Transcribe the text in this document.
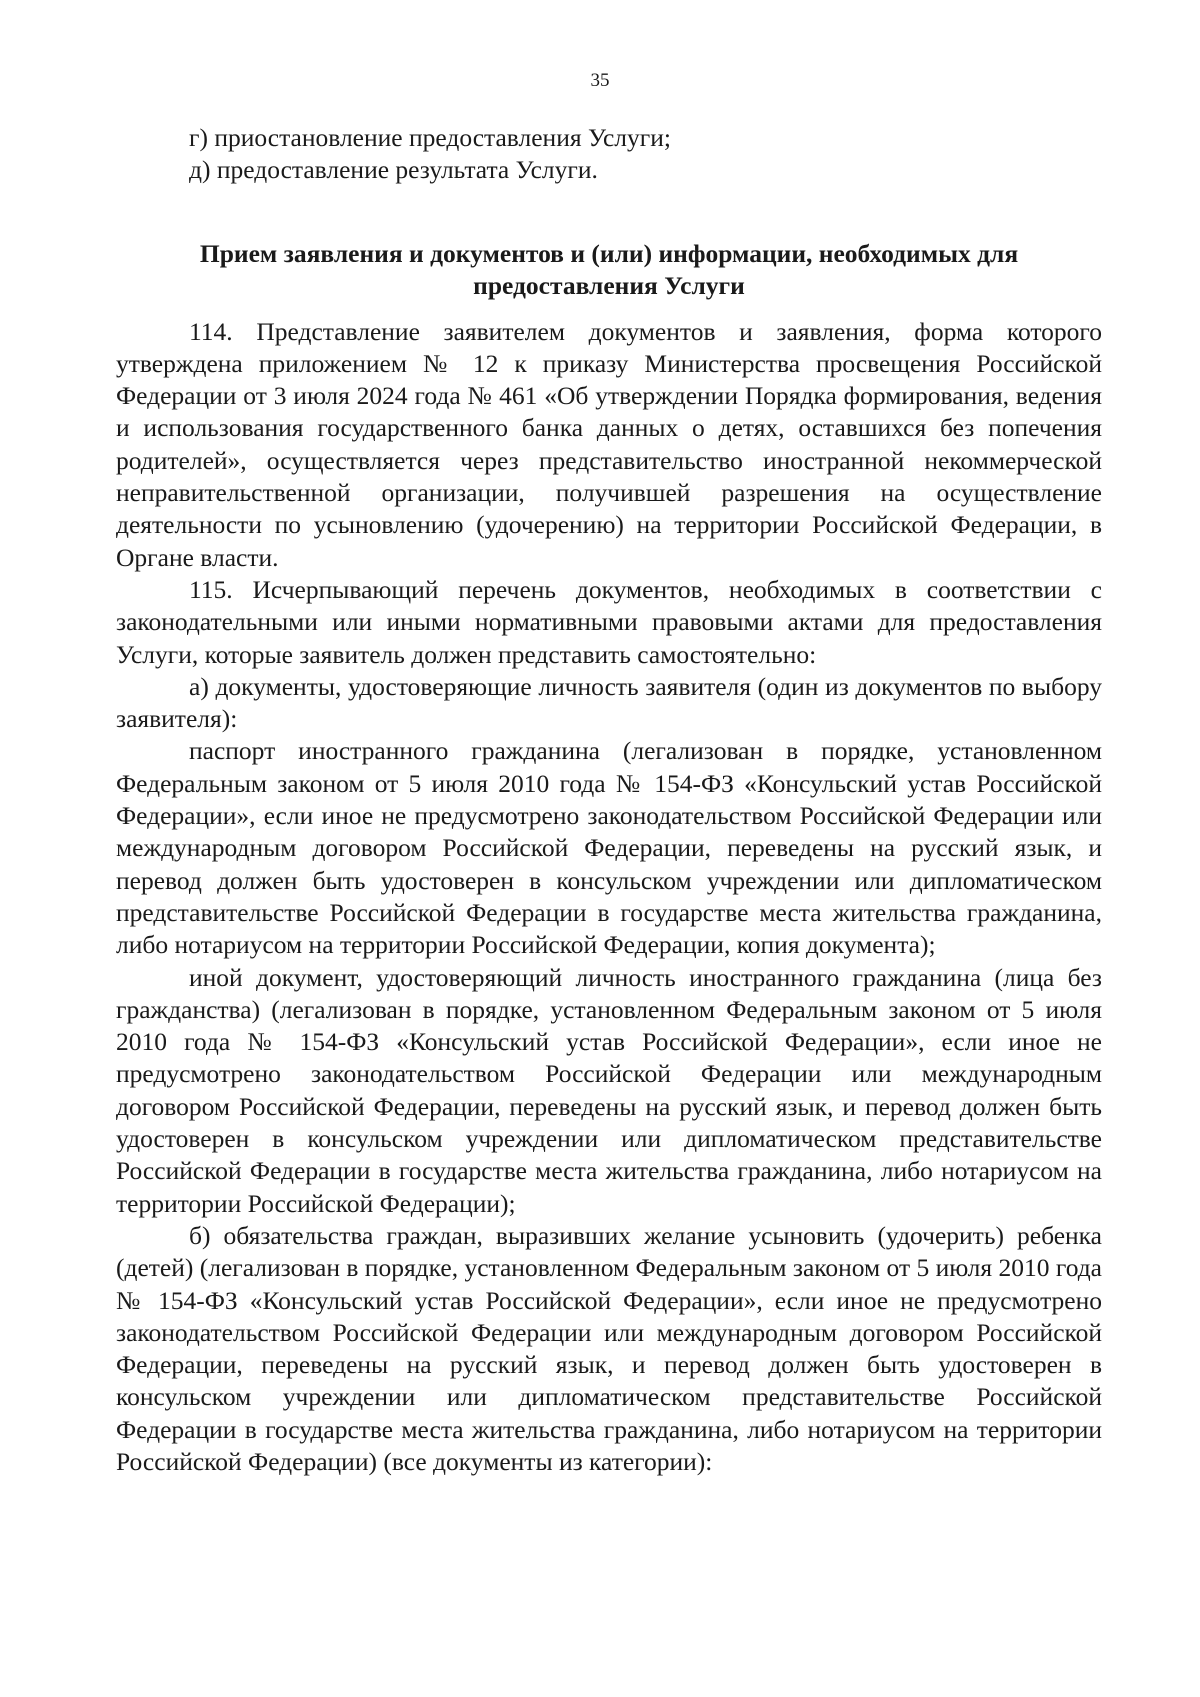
35

г) приостановление предоставления Услуги;

д) предоставление результата Услуги.

Прием заявления и документов и (или) информации, необходимых для
предоставления Услуги

114. Представление заявителем документов и заявления, форма которого утверждена приложением № 12 к приказу Министерства просвещения Российской Федерации от 3 июля 2024 года № 461 «Об утверждении Порядка формирования, ведения и использования государственного банка данных о детях, оставшихся без попечения родителей», осуществляется через представительство иностранной некоммерческой неправительственной организации, получившей разрешения на осуществление деятельности по усыновлению (удочерению) на территории Российской Федерации, в Органе власти.

115. Исчерпывающий перечень документов, необходимых в соответствии с законодательными или иными нормативными правовыми актами для предоставления Услуги, которые заявитель должен представить самостоятельно:

а) документы, удостоверяющие личность заявителя (один из документов по выбору заявителя):

паспорт иностранного гражданина (легализован в порядке, установленном Федеральным законом от 5 июля 2010 года № 154-ФЗ «Консульский устав Российской Федерации», если иное не предусмотрено законодательством Российской Федерации или международным договором Российской Федерации, переведены на русский язык, и перевод должен быть удостоверен в консульском учреждении или дипломатическом представительстве Российской Федерации в государстве места жительства гражданина, либо нотариусом на территории Российской Федерации, копия документа);

иной документ, удостоверяющий личность иностранного гражданина (лица без гражданства) (легализован в порядке, установленном Федеральным законом от 5 июля 2010 года № 154-ФЗ «Консульский устав Российской Федерации», если иное не предусмотрено законодательством Российской Федерации или международным договором Российской Федерации, переведены на русский язык, и перевод должен быть удостоверен в консульском учреждении или дипломатическом представительстве Российской Федерации в государстве места жительства гражданина, либо нотариусом на территории Российской Федерации);

б) обязательства граждан, выразивших желание усыновить (удочерить) ребенка (детей) (легализован в порядке, установленном Федеральным законом от 5 июля 2010 года № 154-ФЗ «Консульский устав Российской Федерации», если иное не предусмотрено законодательством Российской Федерации или международным договором Российской Федерации, переведены на русский язык, и перевод должен быть удостоверен в консульском учреждении или дипломатическом представительстве Российской Федерации в государстве места жительства гражданина, либо нотариусом на территории Российской Федерации) (все документы из категории):
